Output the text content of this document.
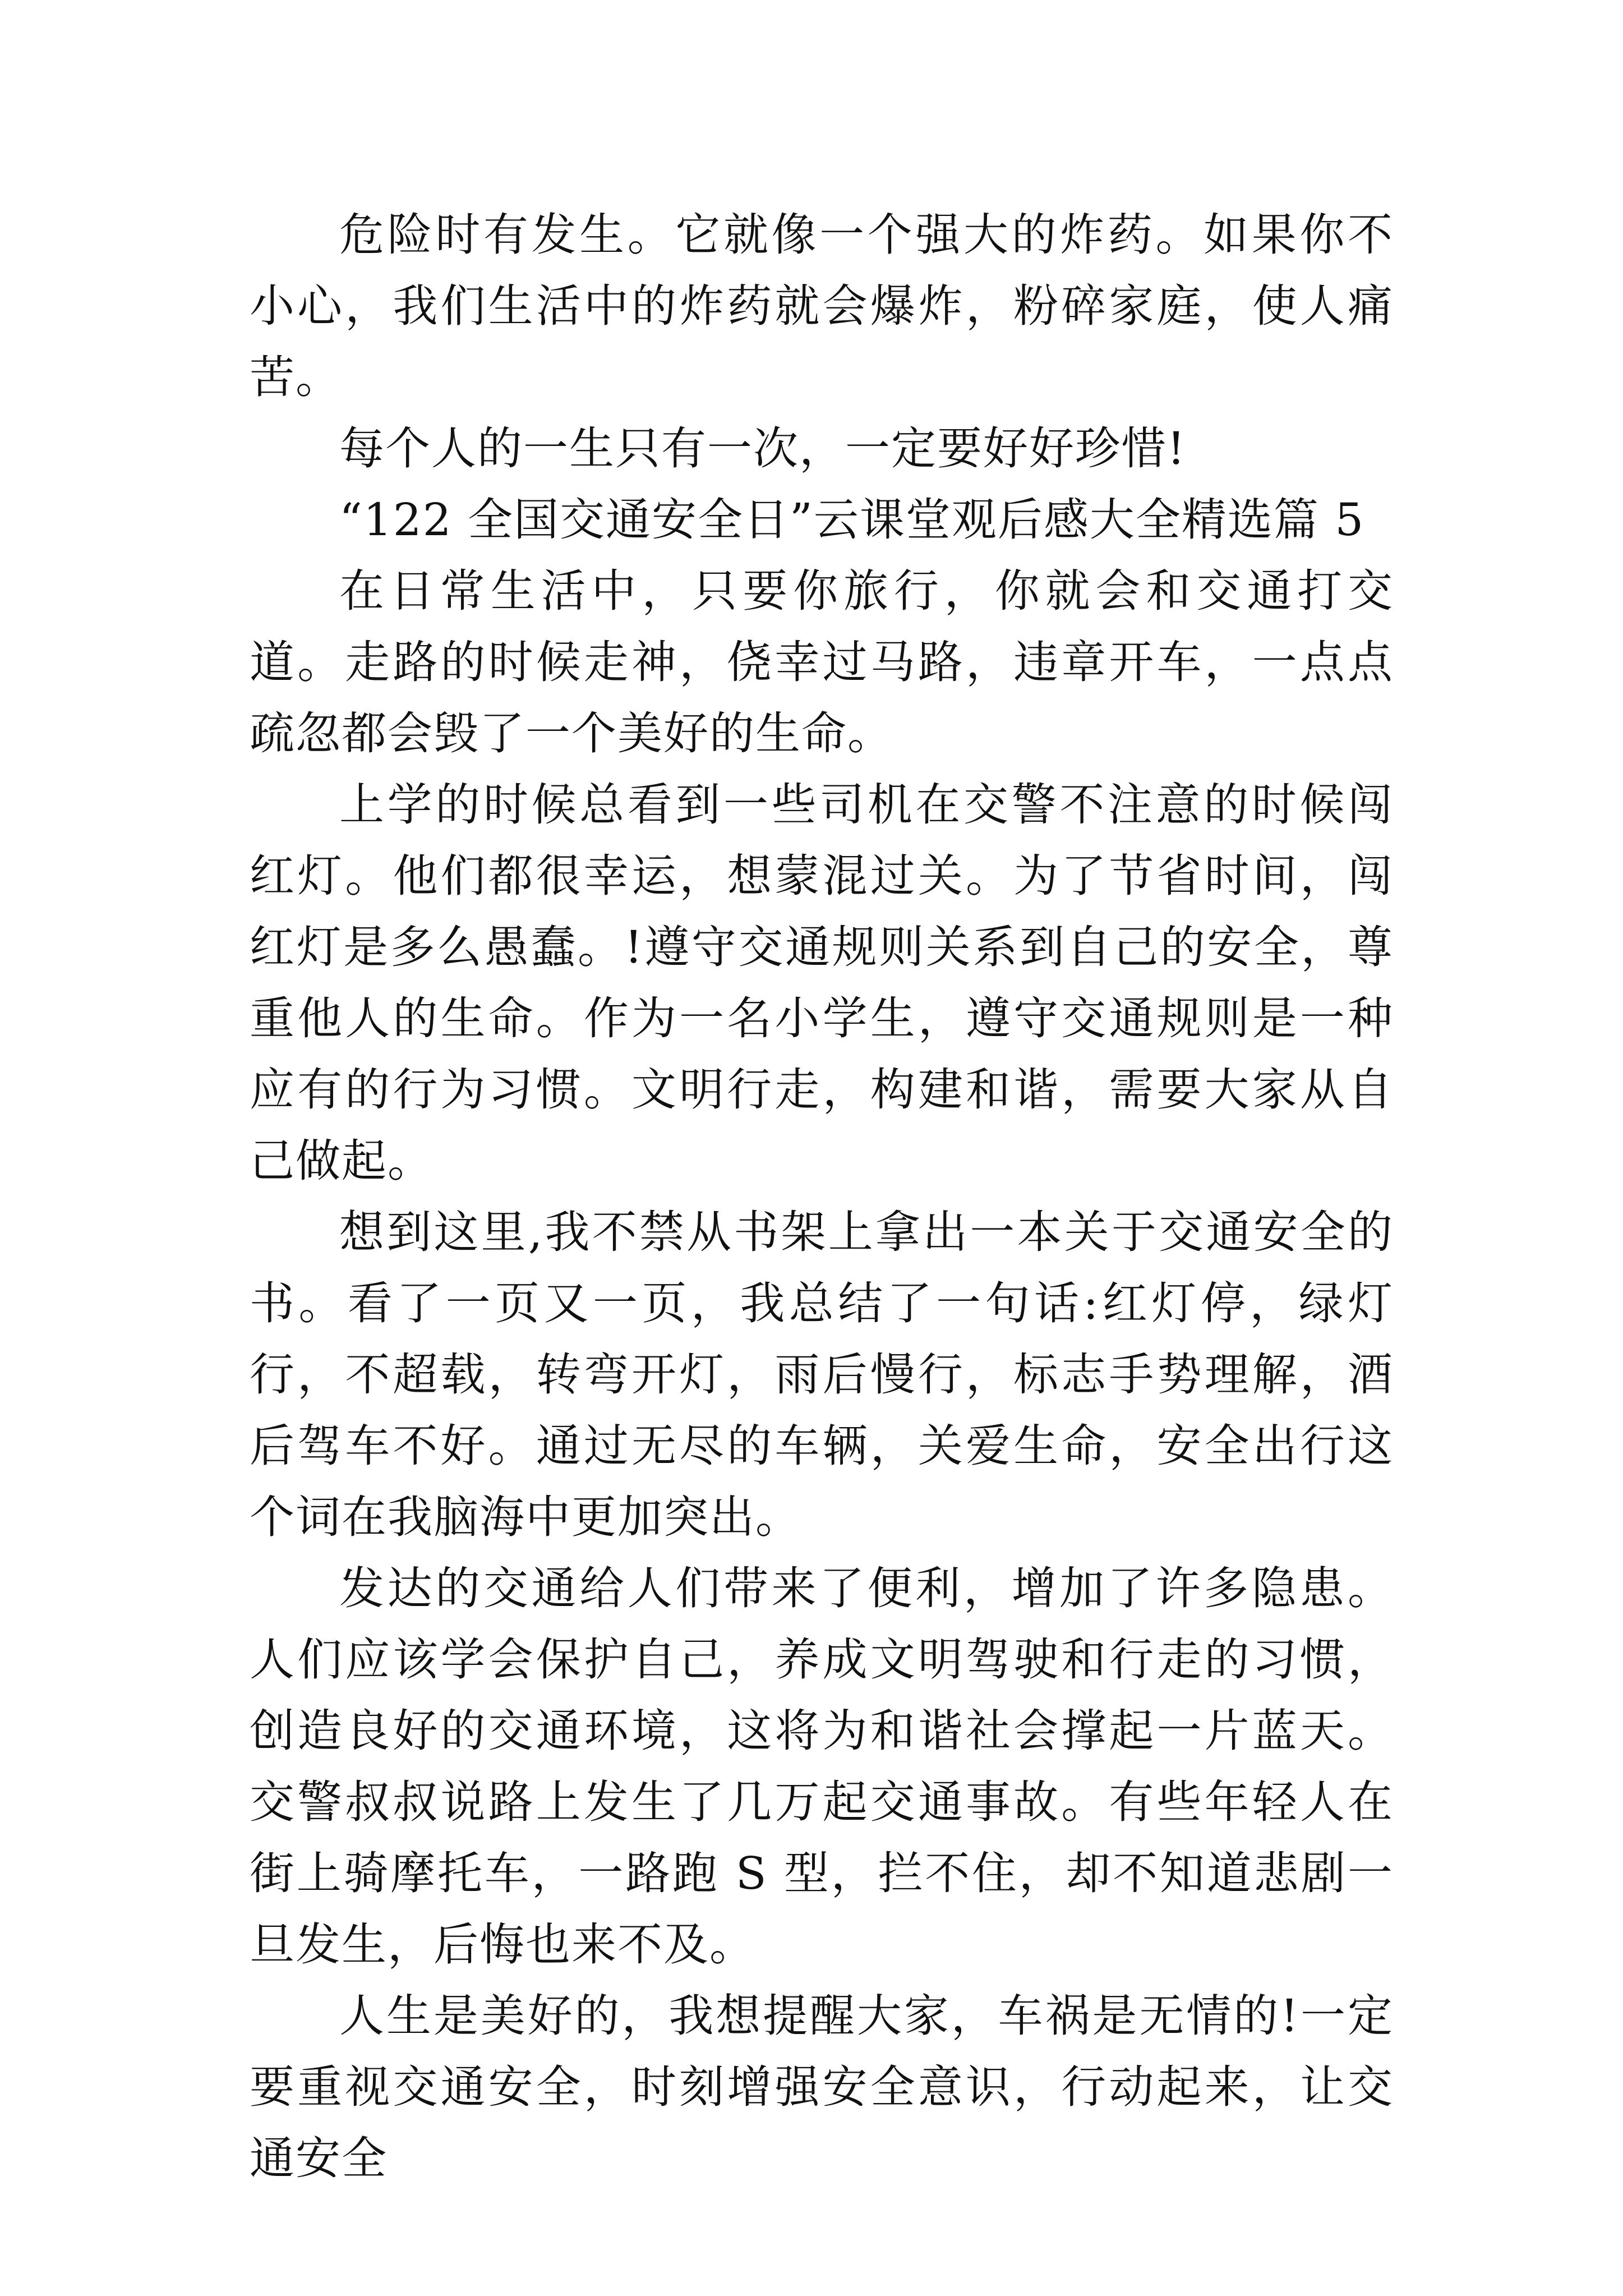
危险时有发生。它就像一个强大的炸药。如果你不小心，我们生活中的炸药就会爆炸，粉碎家庭，使人痛苦。

每个人的一生只有一次，一定要好好珍惜!

“122 全国交通安全日”云课堂观后感大全精选篇 5

在日常生活中，只要你旅行，你就会和交通打交道。走路的时候走神，侥幸过马路，违章开车，一点点疏忽都会毁了一个美好的生命。

上学的时候总看到一些司机在交警不注意的时候闯红灯。他们都很幸运，想蒙混过关。为了节省时间，闯红灯是多么愚蠢。!遵守交通规则关系到自己的安全，尊重他人的生命。作为一名小学生，遵守交通规则是一种应有的行为习惯。文明行走，构建和谐，需要大家从自己做起。

想到这里,我不禁从书架上拿出一本关于交通安全的书。看了一页又一页，我总结了一句话:红灯停，绿灯行，不超载，转弯开灯，雨后慢行，标志手势理解，酒后驾车不好。通过无尽的车辆，关爱生命，安全出行这个词在我脑海中更加突出。

发达的交通给人们带来了便利，增加了许多隐患。人们应该学会保护自己，养成文明驾驶和行走的习惯，创造良好的交通环境，这将为和谐社会撑起一片蓝天。交警叔叔说路上发生了几万起交通事故。有些年轻人在街上骑摩托车，一路跑 S 型，拦不住，却不知道悲剧一旦发生，后悔也来不及。

人生是美好的，我想提醒大家，车祸是无情的!一定要重视交通安全，时刻增强安全意识，行动起来，让交通安全
